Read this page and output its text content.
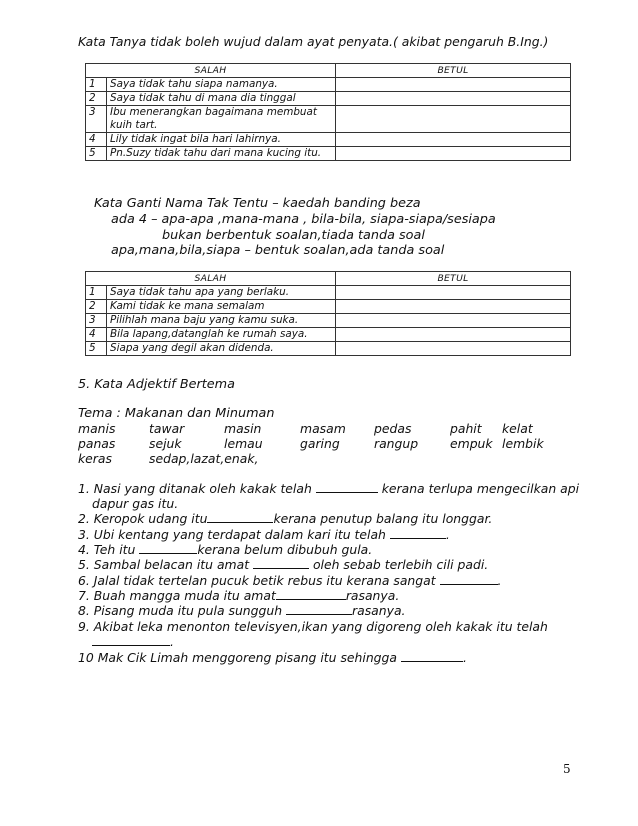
Kata Tanya tidak boleh wujud dalam ayat penyata.( akibat pengaruh B.Ing.)
SALAH		BETUL
1	Saya tidak tahu siapa namanya.	
2	Saya tidak tahu di mana dia tinggal	
3	Ibu menerangkan bagaimana membuat kuih tart.	
4	Lily tidak ingat bila hari lahirnya.	
5	Pn.Suzy tidak tahu dari mana kucing itu.	
Kata Ganti Nama Tak Tentu – kaedah banding beza
ada 4 – apa-apa ,mana-mana , bila-bila, siapa-siapa/sesiapa
bukan berbentuk soalan,tiada tanda soal
apa,mana,bila,siapa – bentuk soalan,ada tanda soal
SALAH		BETUL
1	Saya tidak tahu apa yang berlaku.	
2	Kami tidak ke mana semalam	
3	Pilihlah mana baju yang kamu suka.	
4	Bila lapang,datanglah ke rumah saya.	
5	Siapa yang degil akan didenda.	
5. Kata Adjektif Bertema
Tema : Makanan dan Minuman
manis	tawar	masin	masam pedas	pahit kelat
panas	sejuk	lemau	garing	rangup	empuk lembik
keras	sedap,lazat,enak,
1. Nasi yang ditanak oleh kakak telah	kerana terlupa mengecilkan api
dapur gas itu.
2. Keropok udang itu	kerana penutup balang itu longgar.
3. Ubi kentang yang terdapat dalam kari itu telah	.
4. Teh itu	kerana belum dibubuh gula.
5. Sambal belacan itu amat	oleh sebab terlebih cili padi.
6. Jalal tidak tertelan pucuk betik rebus itu kerana sangat	.
7. Buah mangga muda itu amat	rasanya.
8. Pisang muda itu pula sungguh	rasanya.
9. Akibat leka menonton televisyen,ikan yang digoreng oleh kakak itu telah
.
10 Mak Cik Limah menggoreng pisang itu sehingga	.
5
